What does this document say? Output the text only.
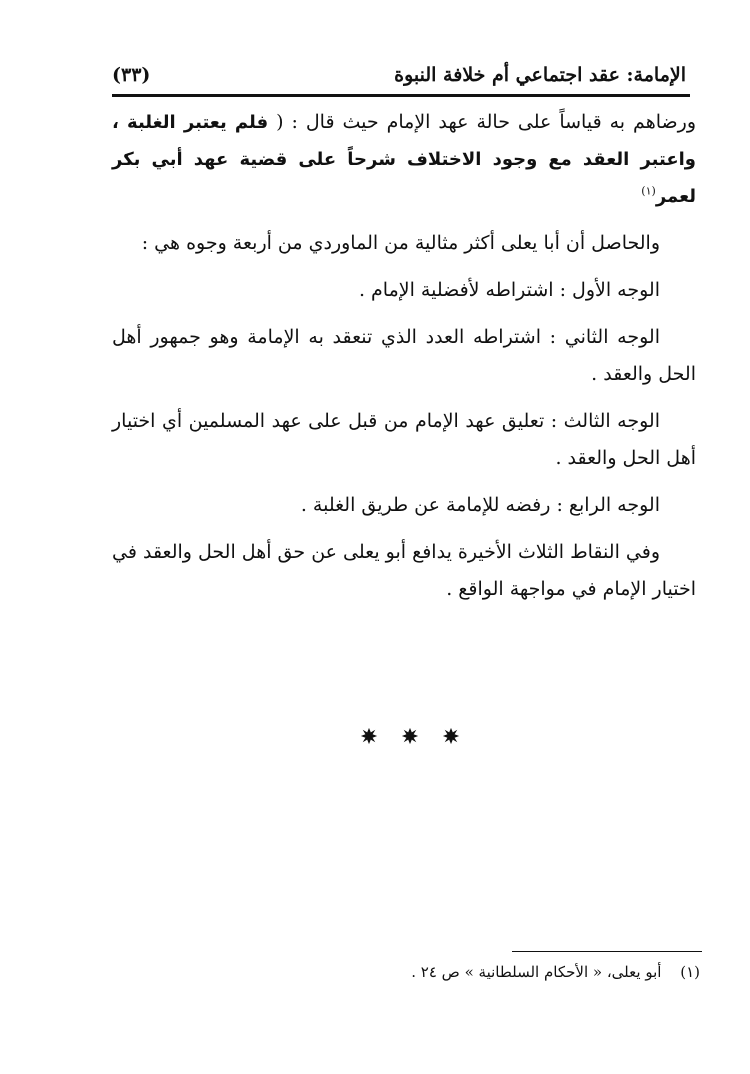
الإمامة: عقد اجتماعي أم خلافة النبوة
(٣٣)

ورضاهم به قياساً على حالة عهد الإمام حيث قال : ( فلم يعتبر الغلبة ، واعتبر العقد مع وجود الاختلاف شرحاً على قضية عهد أبي بكر لعمر$^{(١)}$

والحاصل أن أبا يعلى أكثر مثالية من الماوردي من أربعة وجوه هي :

الوجه الأول : اشتراطه لأفضلية الإمام .

الوجه الثاني : اشتراطه العدد الذي تنعقد به الإمامة وهو جمهور أهل الحل والعقد .

الوجه الثالث : تعليق عهد الإمام من قبل على عهد المسلمين أي اختيار أهل الحل والعقد .

الوجه الرابع : رفضه للإمامة عن طريق الغلبة .

وفي النقاط الثلاث الأخيرة يدافع أبو يعلى عن حق أهل الحل والعقد في اختيار الإمام في مواجهة الواقع .

(١) أبو يعلى، « الأحكام السلطانية » ص ٢٤ .
